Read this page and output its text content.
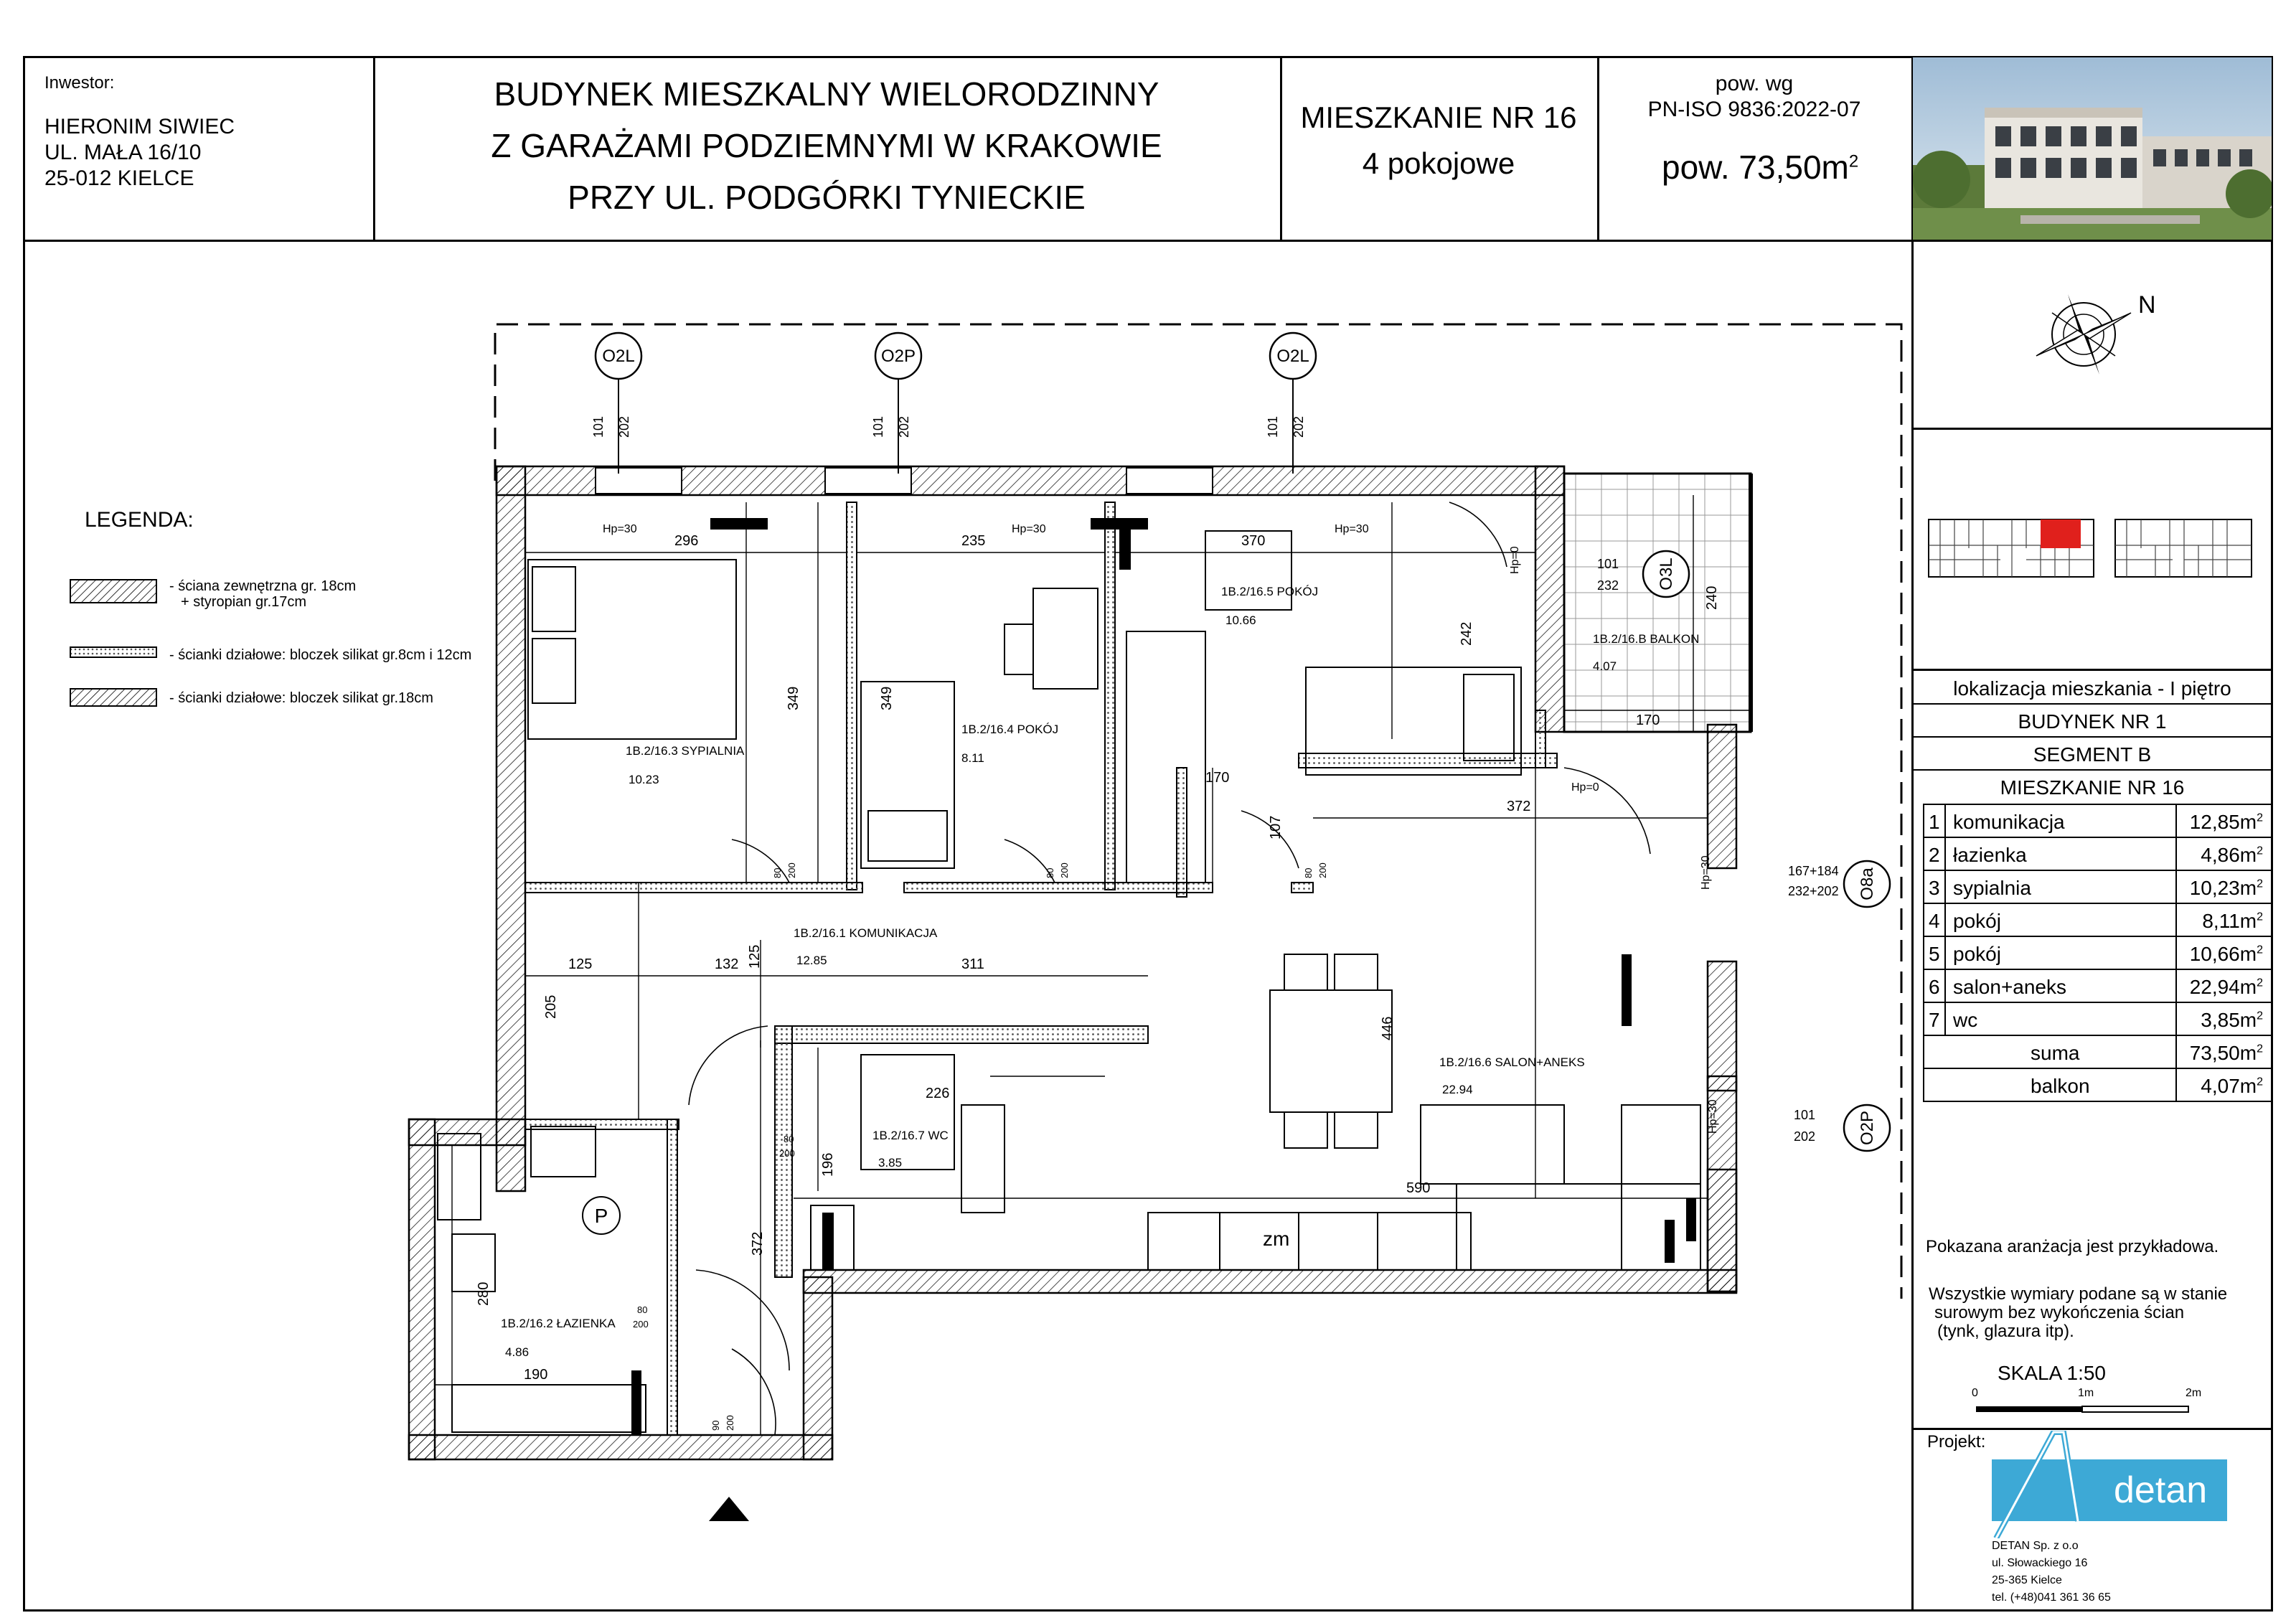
Inwestor:
HIERONIM SIWIEC
UL. MAŁA 16/10
25-012 KIELCE
BUDYNEK MIESZKALNY WIELORODZINNY
Z GARAŻAMI PODZIEMNYMI W KRAKOWIE
PRZY UL. PODGÓRKI TYNIECKIE
MIESZKANIE NR 16
4 pokojowe
pow. wg
PN-ISO 9836:2022-07
pow. $73,50m^2$
N
lokalizacja mieszkania - I piętro
BUDYNEK NR 1
SEGMENT B
MIESZKANIE NR 16
1 komunikacja	$12,85m^2$
2 łazienka	$4,86m^2$
3 sypialnia	$10,23m^2$
4 pokój	$8,11m^2$
5 pokój	$10,66m^2$
6 salon+aneks	$22,94m^2$
7 wc	$3,85m^2$
suma	$73,50m^2$
balkon	$4,07m^2$
Pokazana aranżacja jest przykładowa.
Wszystkie wymiary podane są w stanie
surowym bez wykończenia ścian
(tynk, glazura itp).
SKALA 1:50
0	1m	2m
Projekt:
detan
DETAN Sp. z o.o
ul. Słowackiego 16
25-365 Kielce
tel. (+48)041 361 36 65
LEGENDA:
- ściana zewnętrzna gr. 18cm
+ styropian gr.17cm
- ścianki działowe: bloczek silikat gr.8cm i 12cm
- ścianki działowe: bloczek silikat gr.18cm
O2L	O2P	O2L
101 202	101 202	101 202
Hp=30	Hp=30	Hp=30
O3L
101
232
Hp=0
O8a
167+184
232+202
Hp=30
Hp=0
O2P
101
202
Hp=30
P
zm
296	235	370
349	349
242
240
170
170
107
372
125	132 125	311
205
446
226
196
372
590
280
190
80 200	80 200	80 200
80
200
80
200
90 200
1B.2/16.3 SYPIALNIA
10.23
1B.2/16.4 POKÓJ
8.11
1B.2/16.5 POKÓJ
10.66
1B.2/16.B BALKON
4.07
1B.2/16.1 KOMUNIKACJA
12.85
1B.2/16.6 SALON+ANEKS
22.94
1B.2/16.7 WC
3.85
1B.2/16.2 ŁAZIENKA
4.86
